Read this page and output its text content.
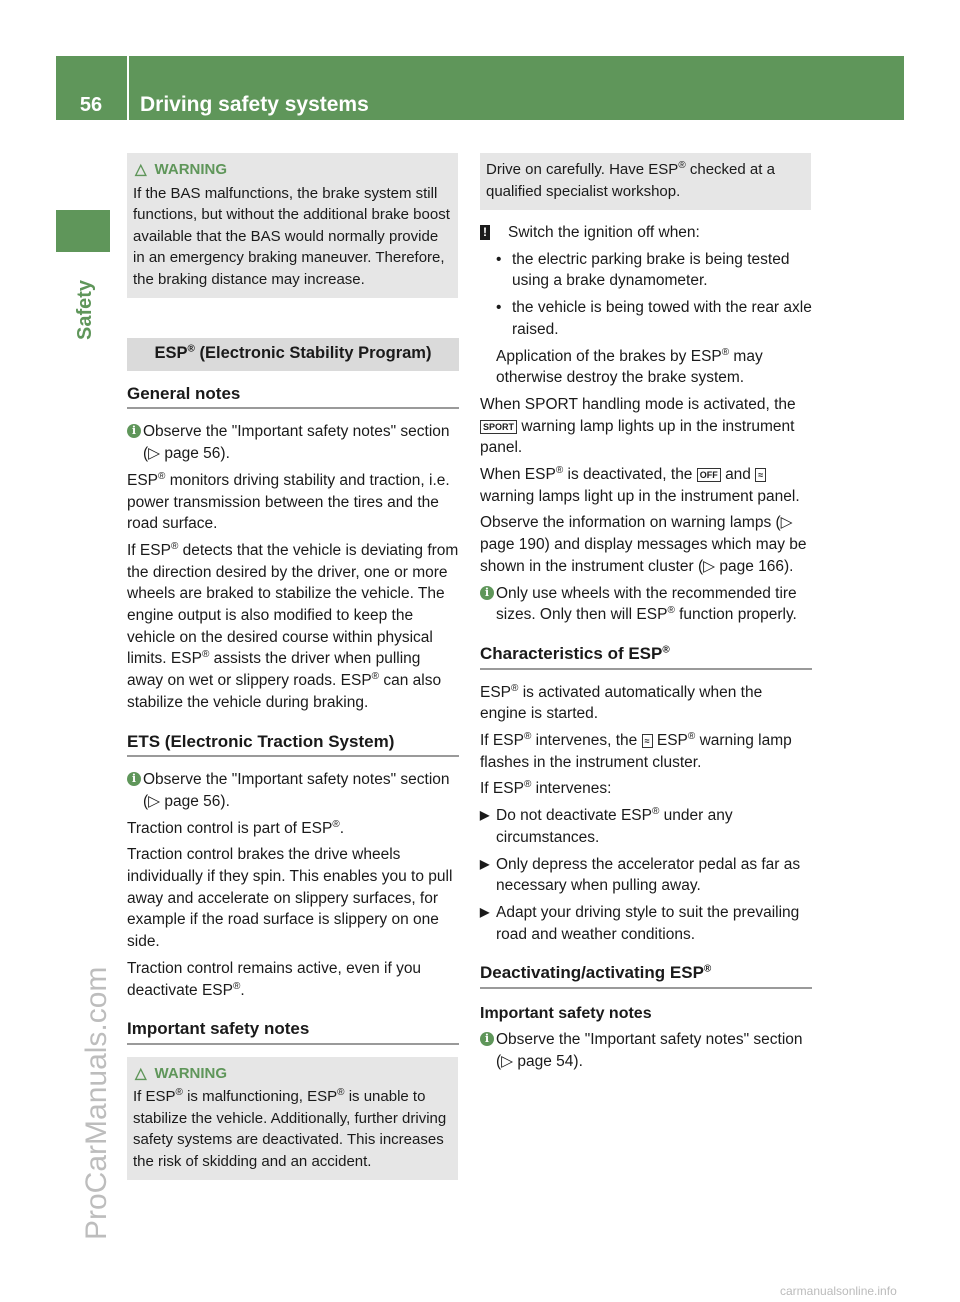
56	Driving safety systems
Safety
ProCarManuals.com
carmanualsonline.info
△ WARNING
If the BAS malfunctions, the brake system still functions, but without the additional brake boost available that the BAS would normally provide in an emergency braking maneuver. Therefore, the braking distance may increase.
ESP® (Electronic Stability Program)
General notes

i Observe the "Important safety notes" section (▷ page 56).

ESP® monitors driving stability and traction, i.e. power transmission between the tires and the road surface.

If ESP® detects that the vehicle is deviating from the direction desired by the driver, one or more wheels are braked to stabilize the vehicle. The engine output is also modified to keep the vehicle on the desired course within physical limits. ESP® assists the driver when pulling away on wet or slippery roads. ESP® can also stabilize the vehicle during braking.

ETS (Electronic Traction System)

i Observe the "Important safety notes" section (▷ page 56).

Traction control is part of ESP®.

Traction control brakes the drive wheels individually if they spin. This enables you to pull away and accelerate on slippery surfaces, for example if the road surface is slippery on one side.

Traction control remains active, even if you deactivate ESP®.

Important safety notes
△ WARNING
If ESP® is malfunctioning, ESP® is unable to stabilize the vehicle. Additionally, further driving safety systems are deactivated. This increases the risk of skidding and an accident.
Drive on carefully. Have ESP® checked at a qualified specialist workshop.

! Switch the ignition off when:

• the electric parking brake is being tested using a brake dynamometer.

• the vehicle is being towed with the rear axle raised.

Application of the brakes by ESP® may otherwise destroy the brake system.

When SPORT handling mode is activated, the SPORT warning lamp lights up in the instrument panel.

When ESP® is deactivated, the OFF and ≈ warning lamps light up in the instrument panel.

Observe the information on warning lamps (▷ page 190) and display messages which may be shown in the instrument cluster (▷ page 166).

i Only use wheels with the recommended tire sizes. Only then will ESP® function properly.

Characteristics of ESP®

ESP® is activated automatically when the engine is started.

If ESP® intervenes, the ≈ ESP® warning lamp flashes in the instrument cluster.

If ESP® intervenes:

▶ Do not deactivate ESP® under any circumstances.

▶ Only depress the accelerator pedal as far as necessary when pulling away.

▶ Adapt your driving style to suit the prevailing road and weather conditions.

Deactivating/activating ESP®
Important safety notes

i Observe the "Important safety notes" section (▷ page 54).
